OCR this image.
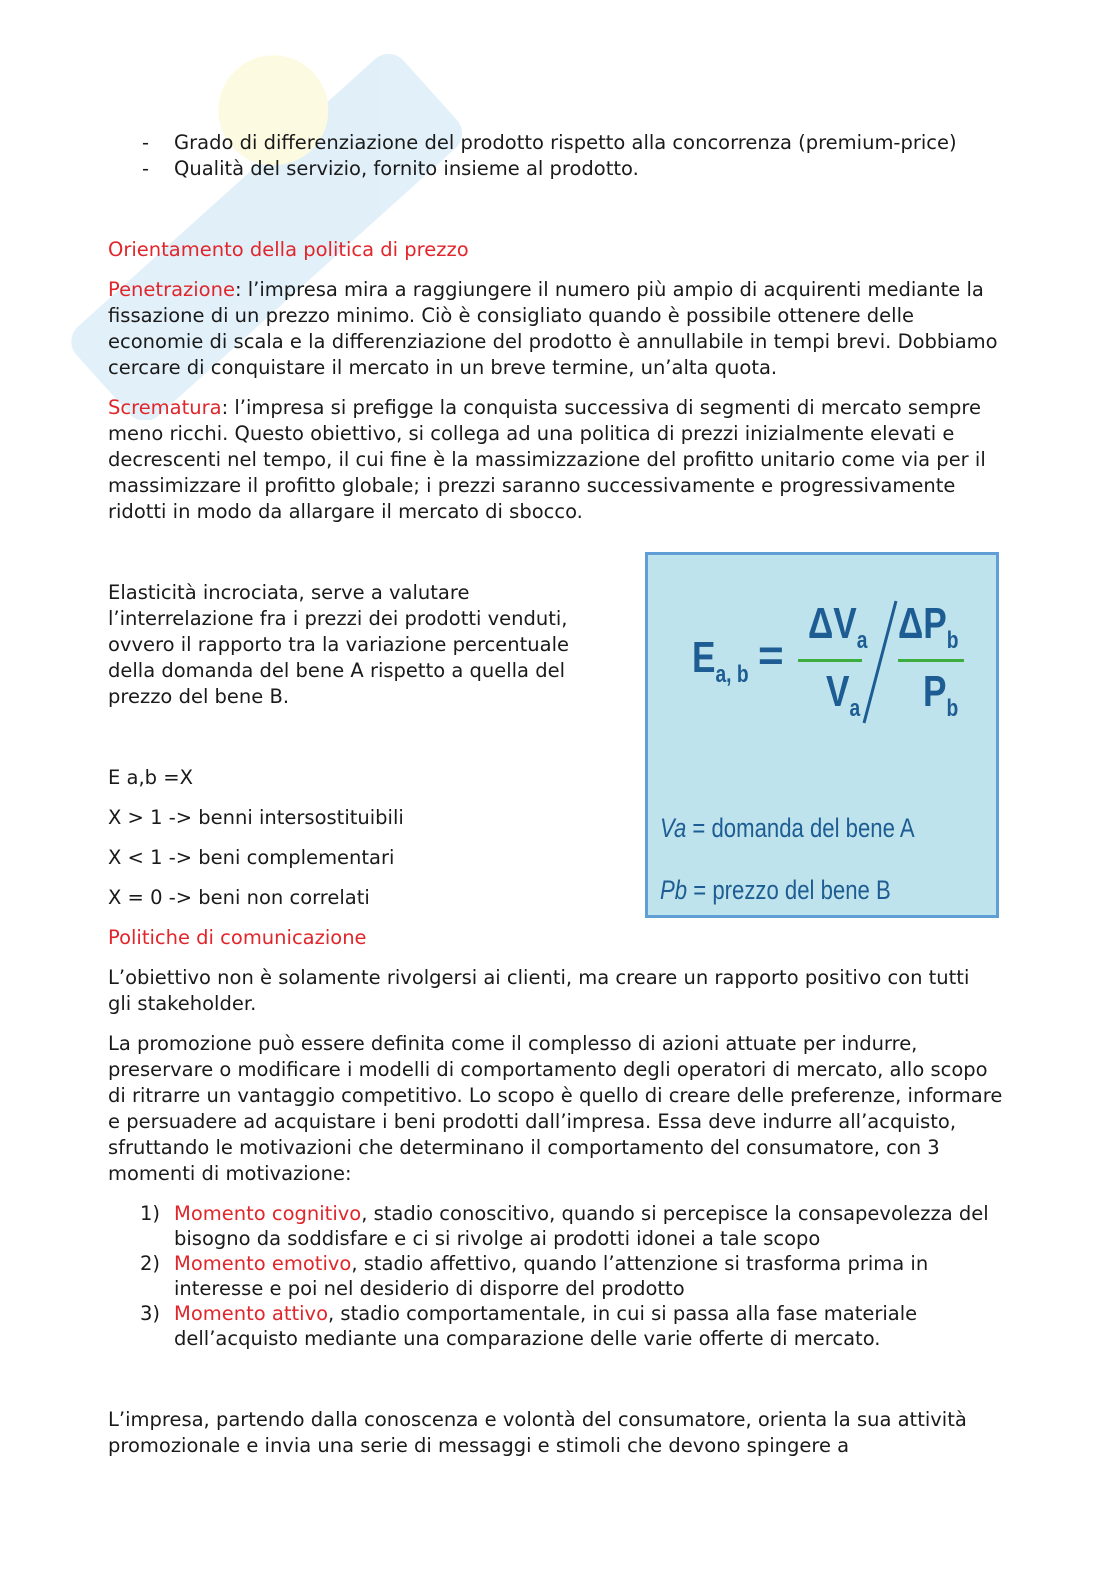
- Grado di differenziazione del prodotto rispetto alla concorrenza (premium-price)
- Qualità del servizio, fornito insieme al prodotto.

Orientamento della politica di prezzo

Penetrazione: l’impresa mira a raggiungere il numero più ampio di acquirenti mediante la fissazione di un prezzo minimo. Ciò è consigliato quando è possibile ottenere delle economie di scala e la differenziazione del prodotto è annullabile in tempi brevi. Dobbiamo cercare di conquistare il mercato in un breve termine, un’alta quota.

Scrematura: l’impresa si prefigge la conquista successiva di segmenti di mercato sempre meno ricchi. Questo obiettivo, si collega ad una politica di prezzi inizialmente elevati e decrescenti nel tempo, il cui fine è la massimizzazione del profitto unitario come via per il massimizzare il profitto globale; i prezzi saranno successivamente e progressivamente ridotti in modo da allargare il mercato di sbocco.

Elasticità incrociata, serve a valutare
l’interrelazione fra i prezzi dei prodotti venduti,
ovvero il rapporto tra la variazione percentuale
della domanda del bene A rispetto a quella del
prezzo del bene B.

E a,b =X

X > 1 -> benni intersostituibili

X < 1 -> beni complementari

X = 0 -> beni non correlati

Politiche di comunicazione

L’obiettivo non è solamente rivolgersi ai clienti, ma creare un rapporto positivo con tutti gli stakeholder.

La promozione può essere definita come il complesso di azioni attuate per indurre, preservare o modificare i modelli di comportamento degli operatori di mercato, allo scopo di ritrarre un vantaggio competitivo. Lo scopo è quello di creare delle preferenze, informare e persuadere ad acquistare i beni prodotti dall’impresa. Essa deve indurre all’acquisto, sfruttando le motivazioni che determinano il comportamento del consumatore, con 3 momenti di motivazione:

1) Momento cognitivo, stadio conoscitivo, quando si percepisce la consapevolezza del bisogno da soddisfare e ci si rivolge ai prodotti idonei a tale scopo
2) Momento emotivo, stadio affettivo, quando l’attenzione si trasforma prima in interesse e poi nel desiderio di disporre del prodotto
3) Momento attivo, stadio comportamentale, in cui si passa alla fase materiale dell’acquisto mediante una comparazione delle varie offerte di mercato.

L’impresa, partendo dalla conoscenza e volontà del consumatore, orienta la sua attività promozionale e invia una serie di messaggi e stimoli che devono spingere a

$E_{a, b}$ =
$\Delta V_a$
$V_a$
$\Delta P_b$
$P_b$
Va = domanda del bene A
Pb = prezzo del bene B
